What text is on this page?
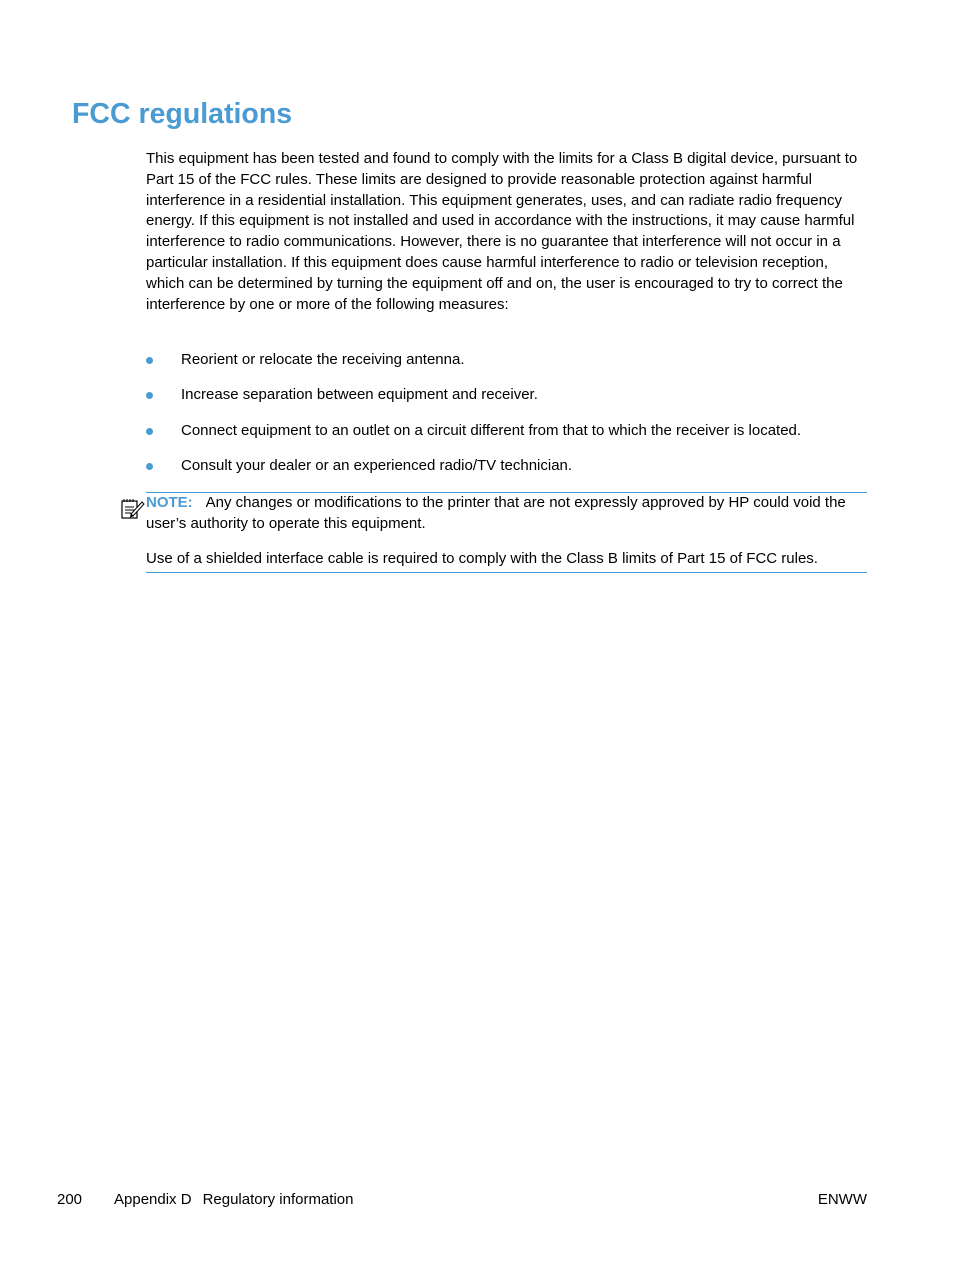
FCC regulations

This equipment has been tested and found to comply with the limits for a Class B digital device, pursuant to Part 15 of the FCC rules. These limits are designed to provide reasonable protection against harmful interference in a residential installation. This equipment generates, uses, and can radiate radio frequency energy. If this equipment is not installed and used in accordance with the instructions, it may cause harmful interference to radio communications. However, there is no guarantee that interference will not occur in a particular installation. If this equipment does cause harmful interference to radio or television reception, which can be determined by turning the equipment off and on, the user is encouraged to try to correct the interference by one or more of the following measures:

Reorient or relocate the receiving antenna.
Increase separation between equipment and receiver.
Connect equipment to an outlet on a circuit different from that to which the receiver is located.
Consult your dealer or an experienced radio/TV technician.

NOTE: Any changes or modifications to the printer that are not expressly approved by HP could void the user’s authority to operate this equipment.

Use of a shielded interface cable is required to comply with the Class B limits of Part 15 of FCC rules.

200 Appendix D Regulatory information	ENWW
